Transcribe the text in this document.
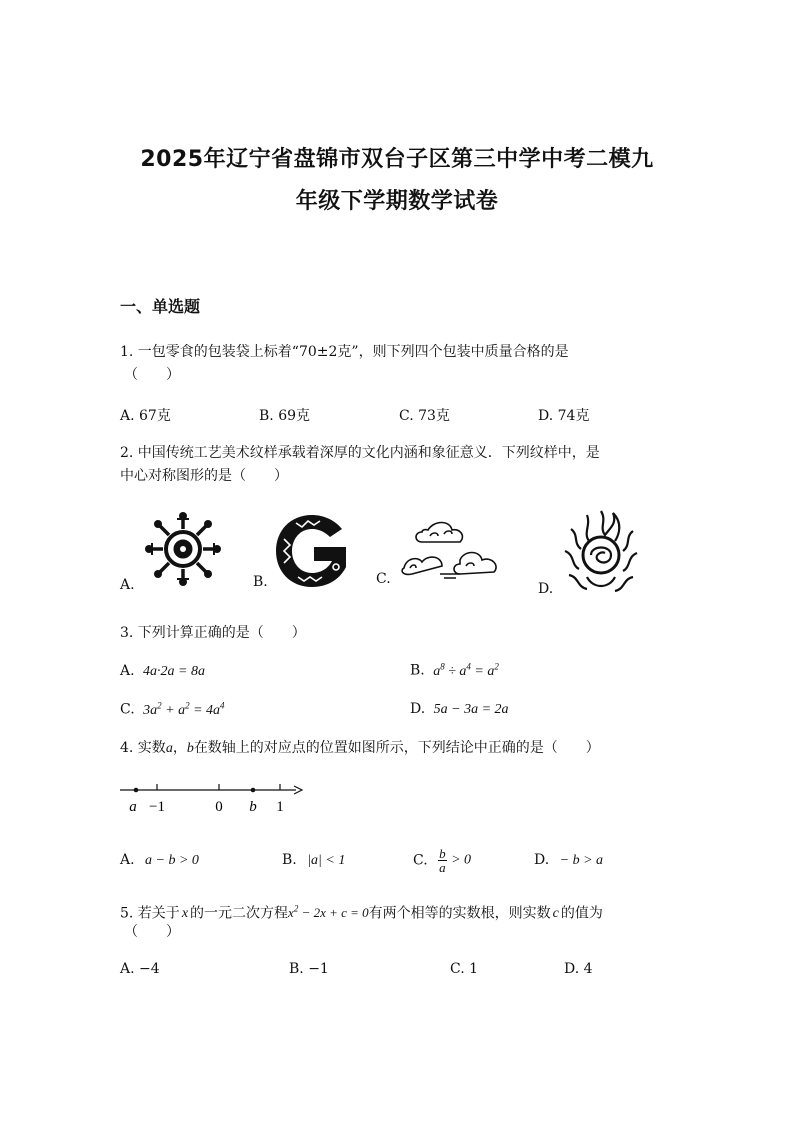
2025年辽宁省盘锦市双台子区第三中学中考二模九
年级下学期数学试卷
一、单选题
1. 一包零食的包装袋上标着“70±2克”，则下列四个包装中质量合格的是
（　　）
A. 67克	B. 69克	C. 73克	D. 74克
2. 中国传统工艺美术纹样承载着深厚的文化内涵和象征意义．下列纹样中，是
中心对称图形的是（　　）
A.	B.	C.
D.
3. 下列计算正确的是（　　）
A. 4a·2a = 8a	B. $a^8 \div a^4 = a^2$
C. $3a^2 + a^2 = 4a^4$	D. 5a − 3a = 2a
4. 实数a，b在数轴上的对应点的位置如图所示，下列结论中正确的是（　　）
a −1	0 b 1
A. a − b > 0	B. |a| < 1	C. $\frac{b}{a} > 0$	D. − b > a
5. 若关于 x 的一元二次方程$x^2 - 2x + c = 0$有两个相等的实数根，则实数 c 的值为
（　　）
A. −4	B. −1	C. 1	D. 4
